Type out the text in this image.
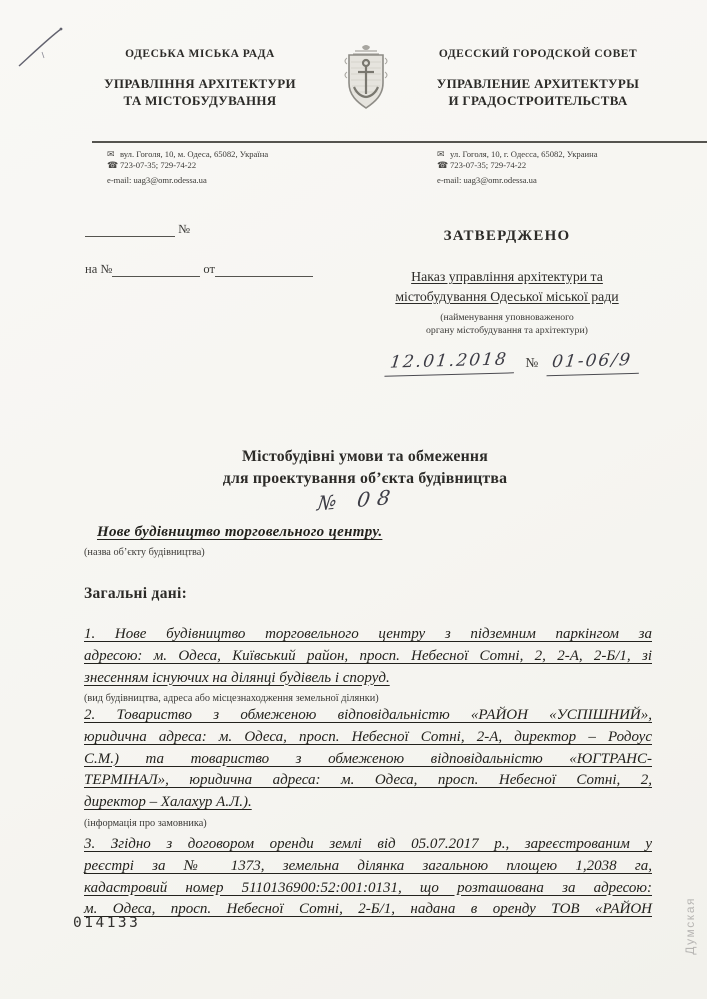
ОДЕСЬКА МІСЬКА РАДА
УПРАВЛІННЯ АРХІТЕКТУРИ
ТА МІСТОБУДУВАННЯ
ОДЕССКИЙ ГОРОДСКОЙ СОВЕТ
УПРАВЛЕНИЕ АРХИТЕКТУРЫ
И ГРАДОСТРОИТЕЛЬСТВА
✉ вул. Гоголя, 10, м. Одеса, 65082, Україна
☎ 723-07-35; 729-74-22
e-mail: uag3@omr.odessa.ua
✉ ул. Гоголя, 10, г. Одесса, 65082, Украина
☎ 723-07-35; 729-74-22
e-mail: uag3@omr.odessa.ua
№
на №	от
ЗАТВЕРДЖЕНО
Наказ управління архітектури та
містобудування Одеської міської ради
(найменування уповноваженого
органу містобудування та архітектури)
12.01.2018	№ 01-06/9
Містобудівні умови та обмеження
для проектування об’єкта будівництва
№ 08
Нове будівництво торговельного центру.
(назва об’єкту будівництва)
Загальні дані:
1. Нове будівництво торговельного центру з підземним паркінгом за
адресою: м. Одеса, Київський район, просп. Небесної Сотні, 2, 2-А, 2-Б/1, зі
знесенням існуючих на ділянці будівель і споруд.
(вид будівництва, адреса або місцезнаходження земельної ділянки)
2. Товариство з обмеженою відповідальністю «РАЙОН «УСПІШНИЙ»,
юридична адреса: м. Одеса, просп. Небесної Сотні, 2-А, директор – Родоус
С.М.) та товариство з обмеженою відповідальністю «ЮГТРАНС-
ТЕРМІНАЛ», юридична адреса: м. Одеса, просп. Небесної Сотні, 2,
директор – Халахур А.Л.).
(інформація про замовника)
3. Згідно з договором оренди землі від 05.07.2017 р., зареєстрованим у
реєстрі за № 1373, земельна ділянка загальною площею 1,2038 га,
кадастровий номер 5110136900:52:001:0131, що розташована за адресою:
м. Одеса, просп. Небесної Сотні, 2-Б/1, надана в оренду ТОВ «РАЙОН
014133	Думская
